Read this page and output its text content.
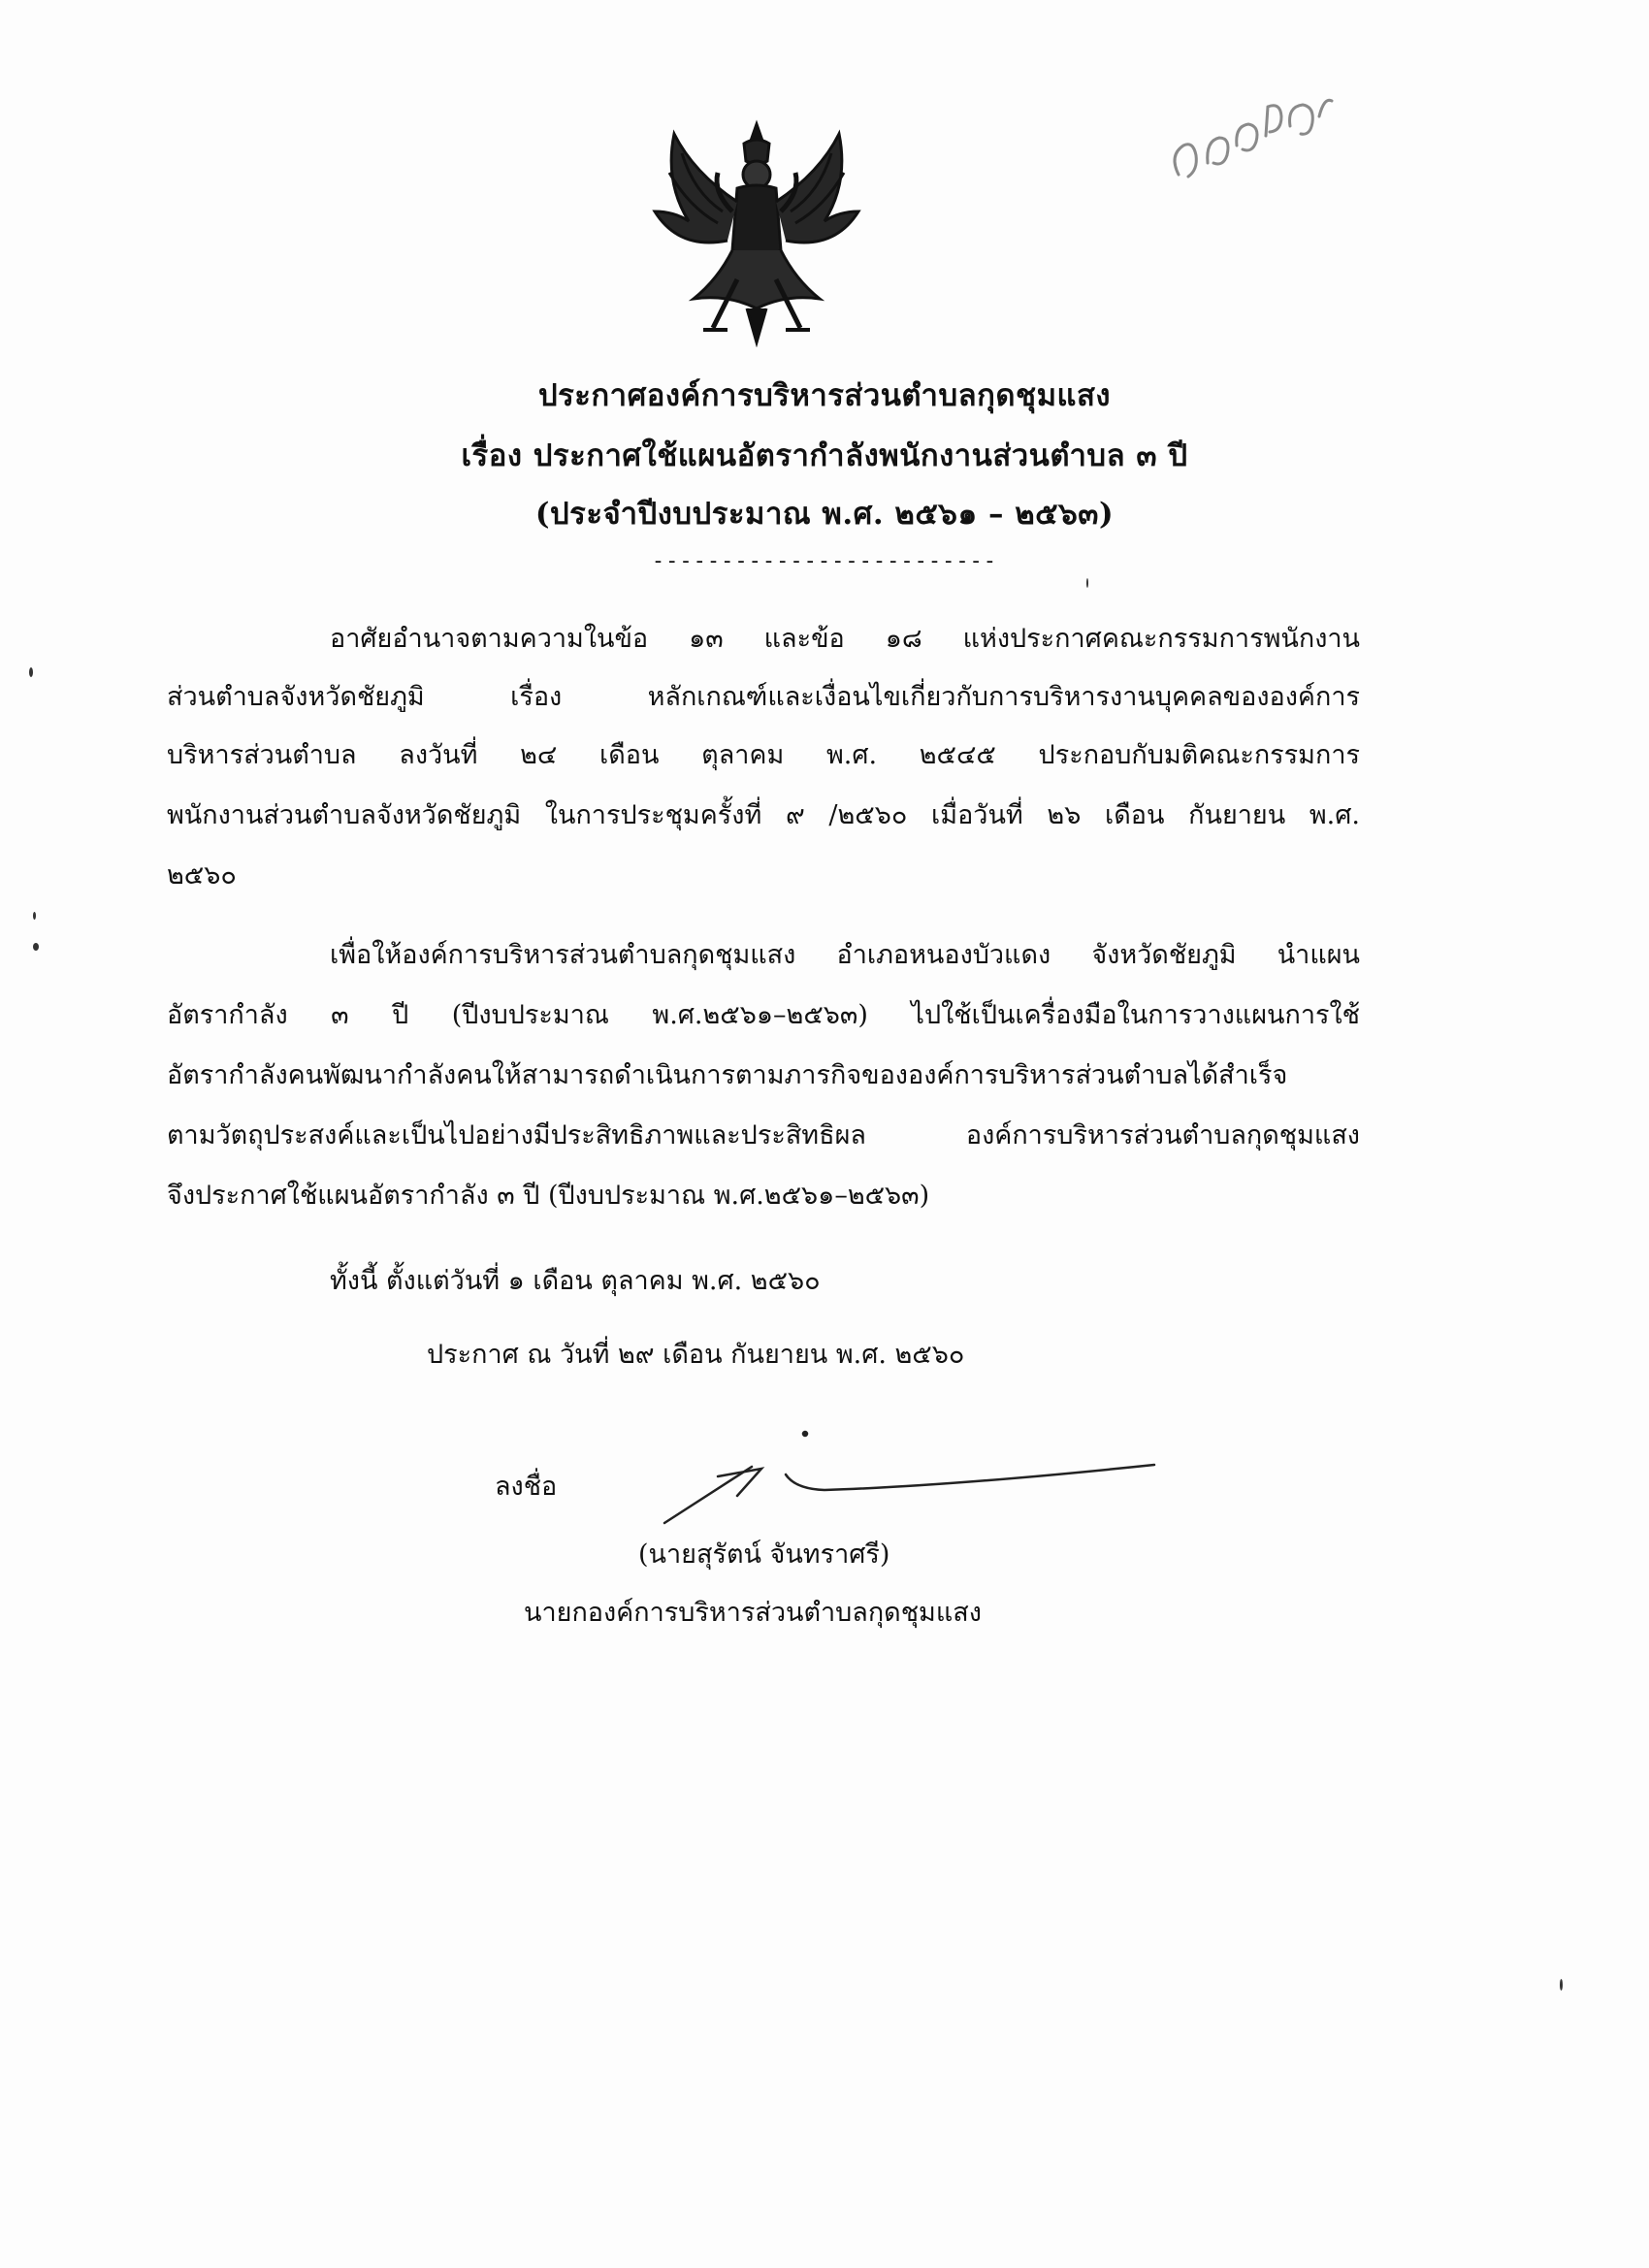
ประกาศองค์การบริหารส่วนตำบลกุดชุมแสง
เรื่อง ประกาศใช้แผนอัตรากำลังพนักงานส่วนตำบล ๓ ปี
(ประจำปีงบประมาณ พ.ศ. ๒๕๖๑ – ๒๕๖๓)
-------------------------
อาศัยอำนาจตามความในข้อ ๑๓ และข้อ ๑๘ แห่งประกาศคณะกรรมการพนักงาน
ส่วนตำบลจังหวัดชัยภูมิ เรื่อง หลักเกณฑ์และเงื่อนไขเกี่ยวกับการบริหารงานบุคคลขององค์การ
บริหารส่วนตำบล ลงวันที่ ๒๔ เดือน ตุลาคม พ.ศ. ๒๕๔๕ ประกอบกับมติคณะกรรมการ
พนักงานส่วนตำบลจังหวัดชัยภูมิ ในการประชุมครั้งที่ ๙ /๒๕๖๐ เมื่อวันที่ ๒๖ เดือน กันยายน พ.ศ.
๒๕๖๐
เพื่อให้องค์การบริหารส่วนตำบลกุดชุมแสง อำเภอหนองบัวแดง จังหวัดชัยภูมิ นำแผน
อัตรากำลัง ๓ ปี (ปีงบประมาณ พ.ศ.๒๕๖๑–๒๕๖๓) ไปใช้เป็นเครื่องมือในการวางแผนการใช้
อัตรากำลังคนพัฒนากำลังคนให้สามารถดำเนินการตามภารกิจขององค์การบริหารส่วนตำบลได้สำเร็จ
ตามวัตถุประสงค์และเป็นไปอย่างมีประสิทธิภาพและประสิทธิผล องค์การบริหารส่วนตำบลกุดชุมแสง
จึงประกาศใช้แผนอัตรากำลัง ๓ ปี (ปีงบประมาณ พ.ศ.๒๕๖๑–๒๕๖๓)
ทั้งนี้ ตั้งแต่วันที่ ๑ เดือน ตุลาคม พ.ศ. ๒๕๖๐
ประกาศ ณ วันที่ ๒๙ เดือน กันยายน พ.ศ. ๒๕๖๐
ลงชื่อ
(นายสุรัตน์ จันทราศรี)
นายกองค์การบริหารส่วนตำบลกุดชุมแสง
